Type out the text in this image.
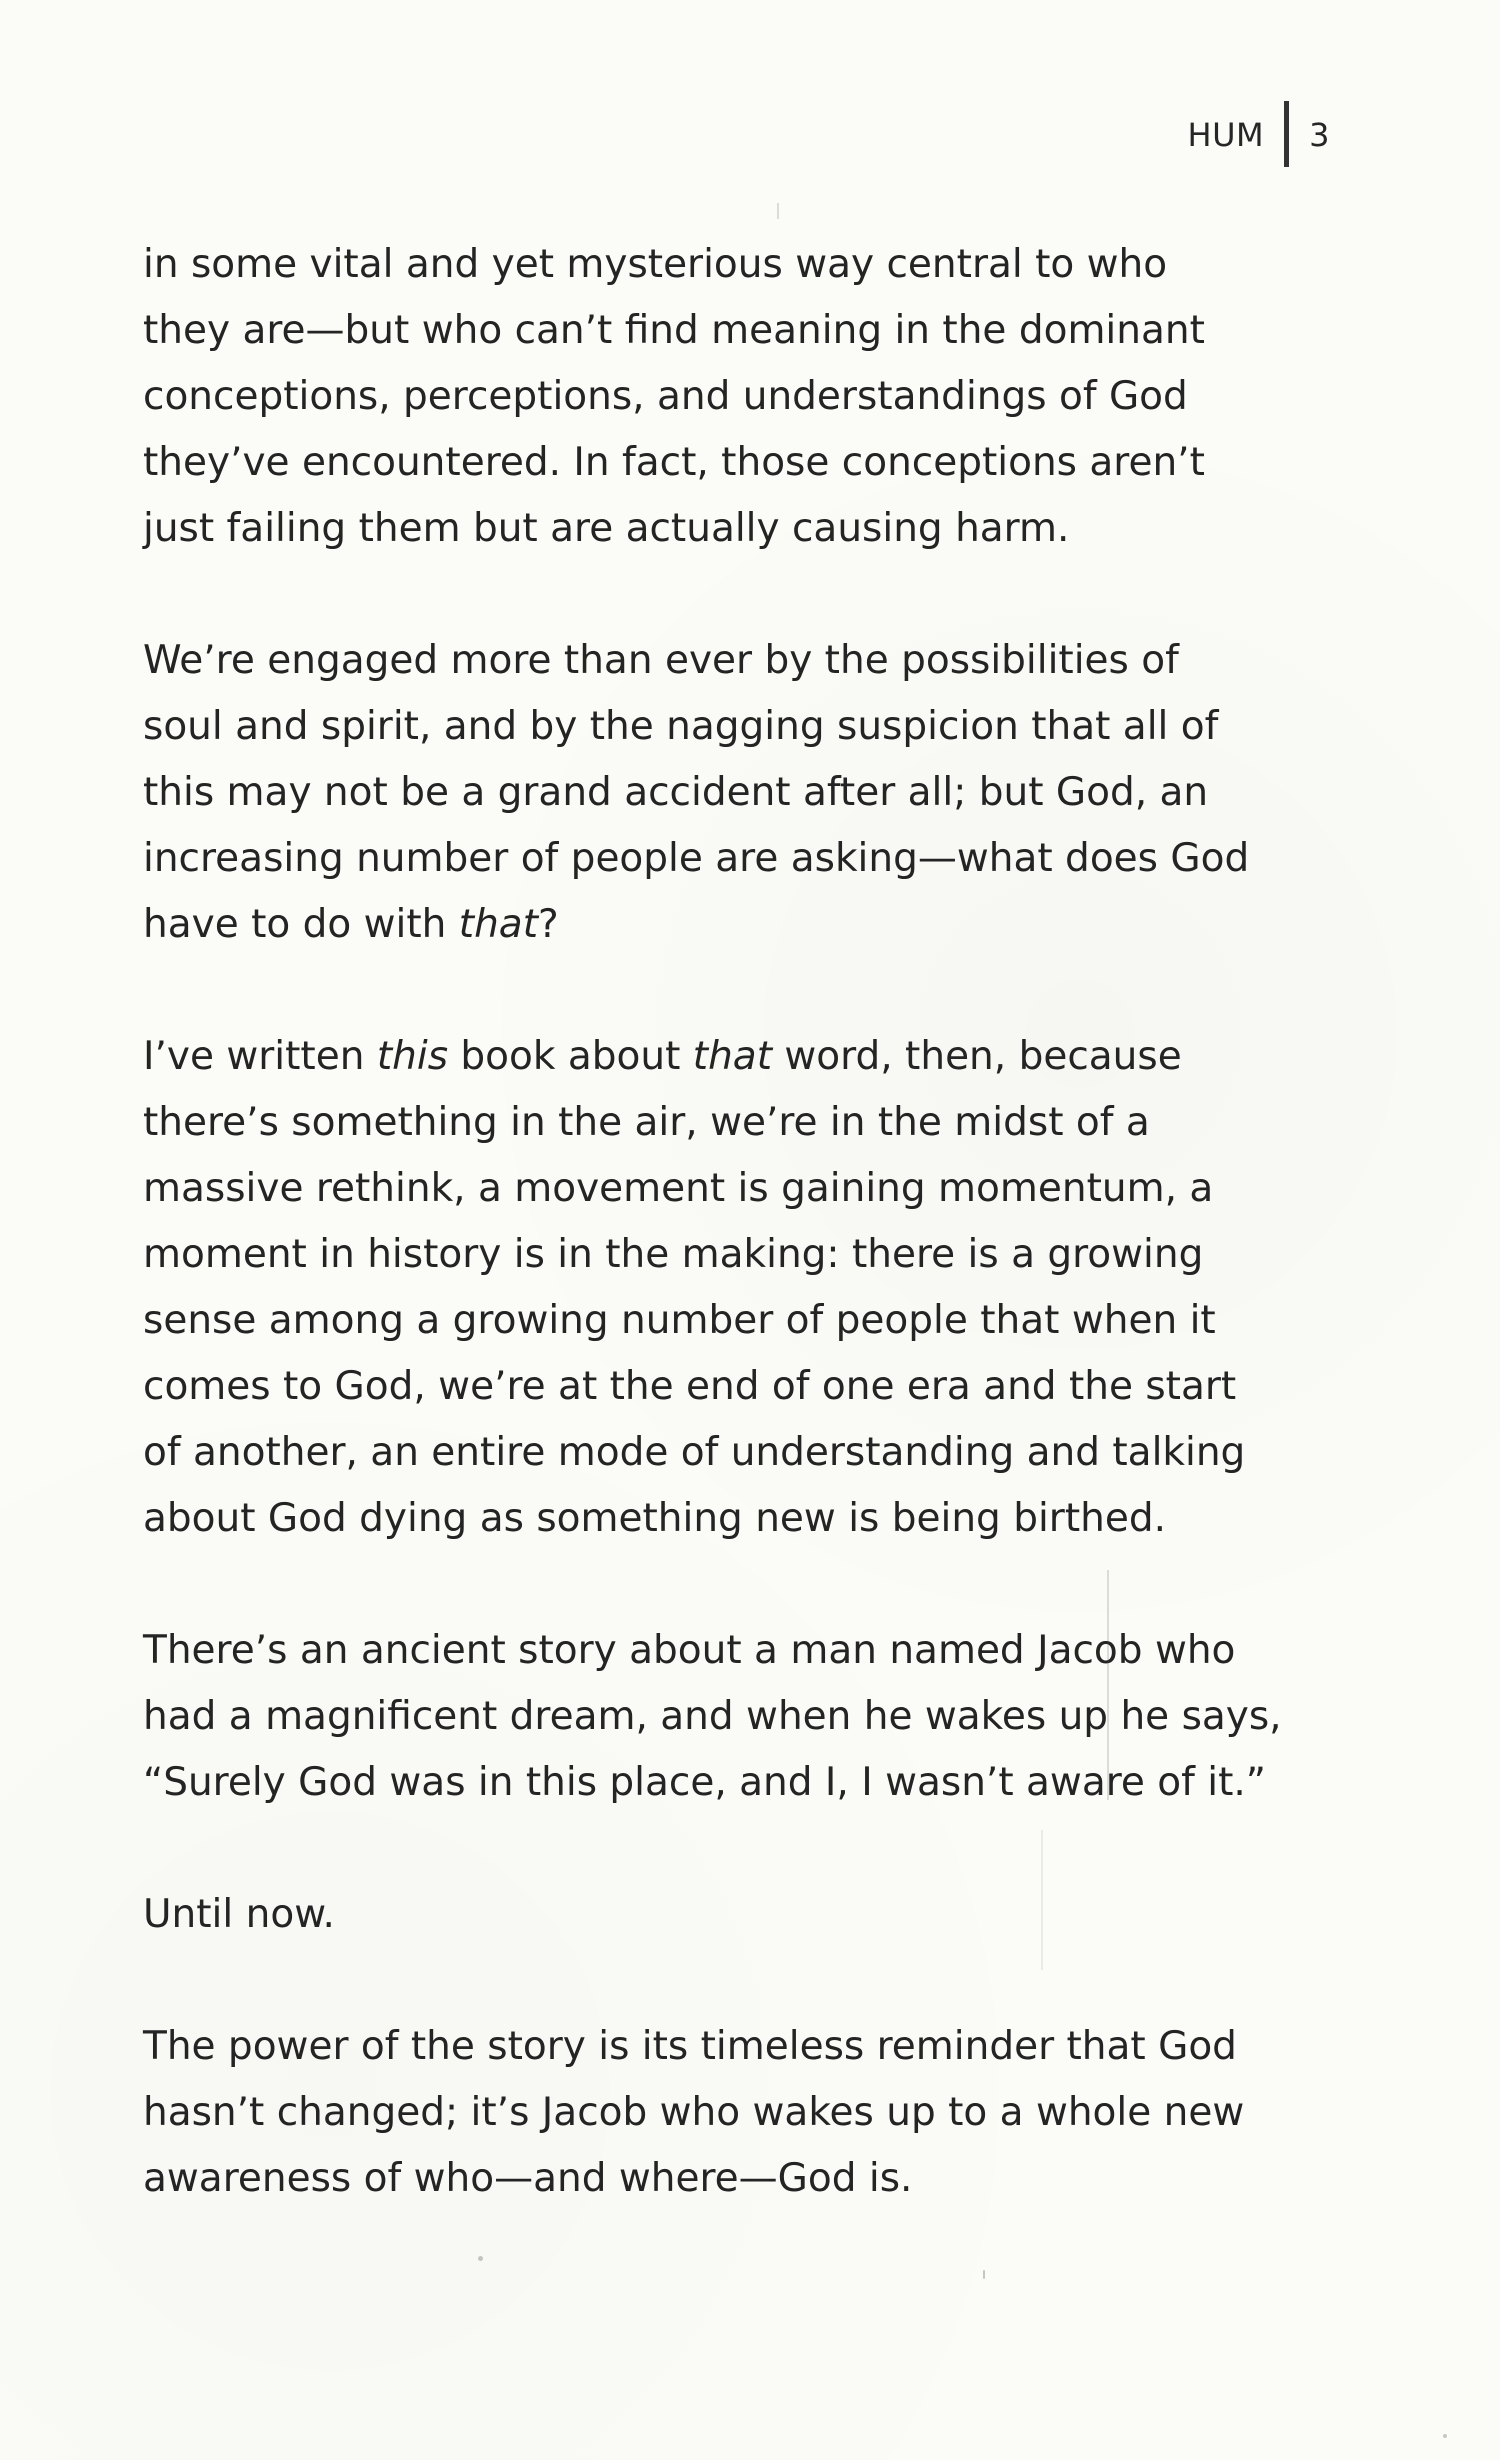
HUM 3

in some vital and yet mysterious way central to who
they are—but who can’t find meaning in the dominant
conceptions, perceptions, and understandings of God
they’ve encountered. In fact, those conceptions aren’t
just failing them but are actually causing harm.

We’re engaged more than ever by the possibilities of
soul and spirit, and by the nagging suspicion that all of
this may not be a grand accident after all; but God, an
increasing number of people are asking—what does God
have to do with that?

I’ve written this book about that word, then, because
there’s something in the air, we’re in the midst of a
massive rethink, a movement is gaining momentum, a
moment in history is in the making: there is a growing
sense among a growing number of people that when it
comes to God, we’re at the end of one era and the start
of another, an entire mode of understanding and talking
about God dying as something new is being birthed.

There’s an ancient story about a man named Jacob who
had a magnificent dream, and when he wakes up he says,
“Surely God was in this place, and I, I wasn’t aware of it.”

Until now.

The power of the story is its timeless reminder that God
hasn’t changed; it’s Jacob who wakes up to a whole new
awareness of who—and where—God is.
